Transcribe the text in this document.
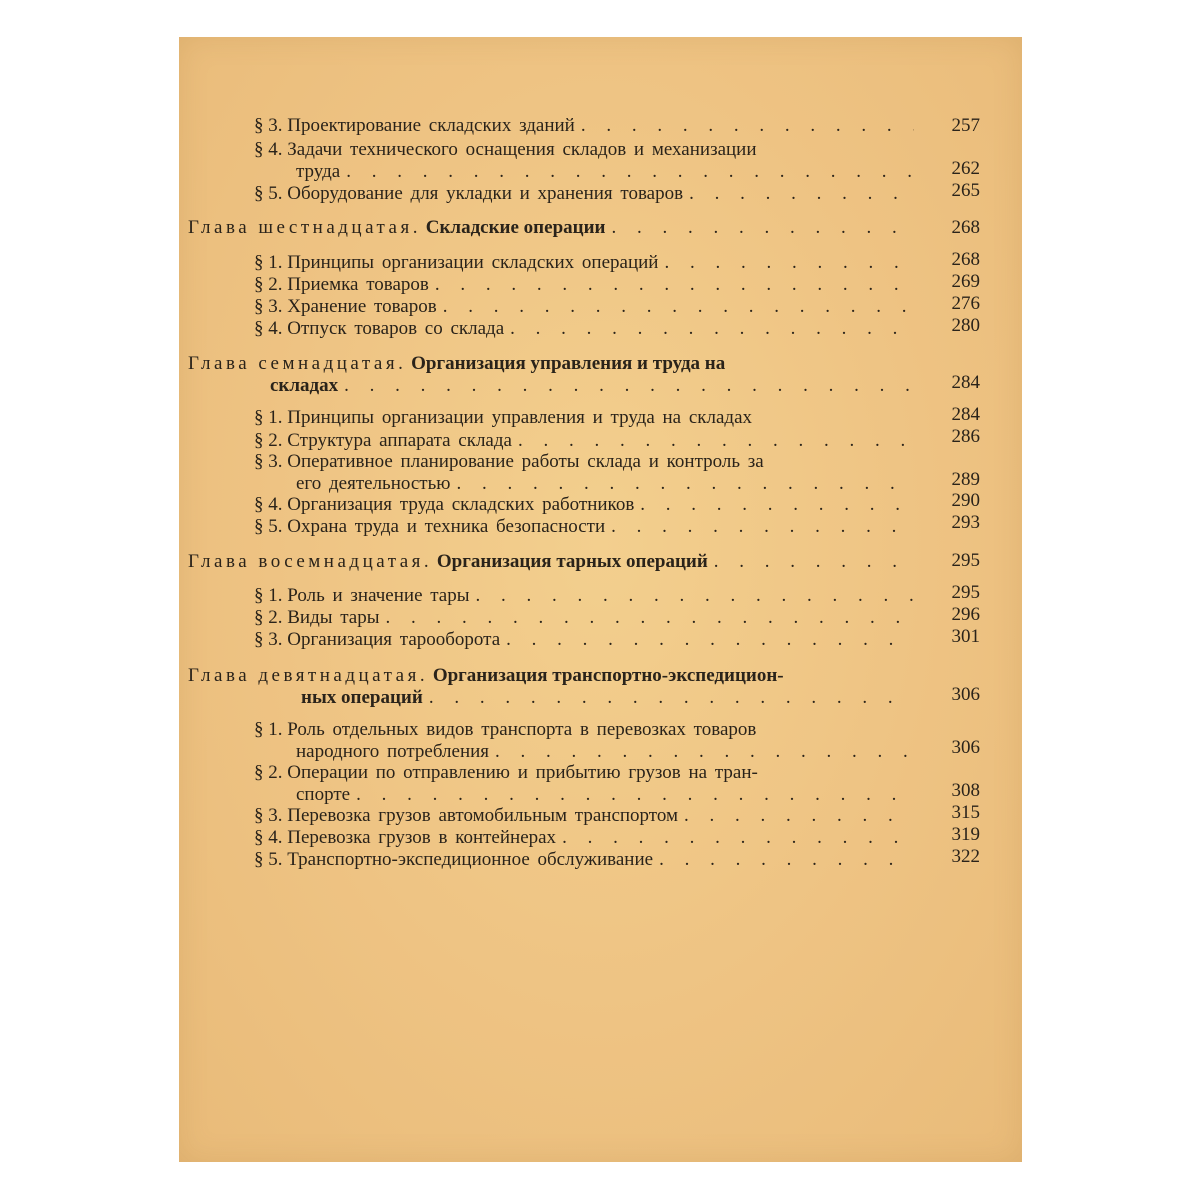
§ 3.
Проектирование складских зданий . . .	257
§ 4. Задачи технического оснащения складов и механизации
труда . . .	262
§ 5.
Оборудование для укладки и хранения товаров . . .	265
Глава шестнадцатая.
Складские операции . . .	268
§ 1.
Принципы организации складских операций . . .	268
§ 2.
Приемка товаров . . .	269
§ 3.
Хранение товаров . . .	276
§ 4.
Отпуск товаров со склада . . .	280
Глава семнадцатая. Организация управления и труда на
складах . . .	284
§ 1.
Принципы организации управления и труда на складах	284
§ 2.
Структура аппарата склада . . .	286
§ 3. Оперативное планирование работы склада и контроль за
его деятельностью . . .	289
§ 4.
Организация труда складских работников . . .	290
§ 5.
Охрана труда и техника безопасности . . .	293
Глава восемнадцатая.
Организация тарных операций . . .	295
§ 1.
Роль и значение тары . . .	295
§ 2.
Виды тары . . .	296
§ 3.
Организация тарооборота . . .	301
Глава девятнадцатая. Организация транспортно-экспедицион-
ных операций . . .	306
§ 1. Роль отдельных видов транспорта в перевозках товаров
народного потребления . . .	306
§ 2. Операции по отправлению и прибытию грузов на тран-
спорте . . .	308
§ 3.
Перевозка грузов автомобильным транспортом . . .	315
§ 4.
Перевозка грузов в контейнерах . . .	319
§ 5.
Транспортно-экспедиционное обслуживание . . .	322
